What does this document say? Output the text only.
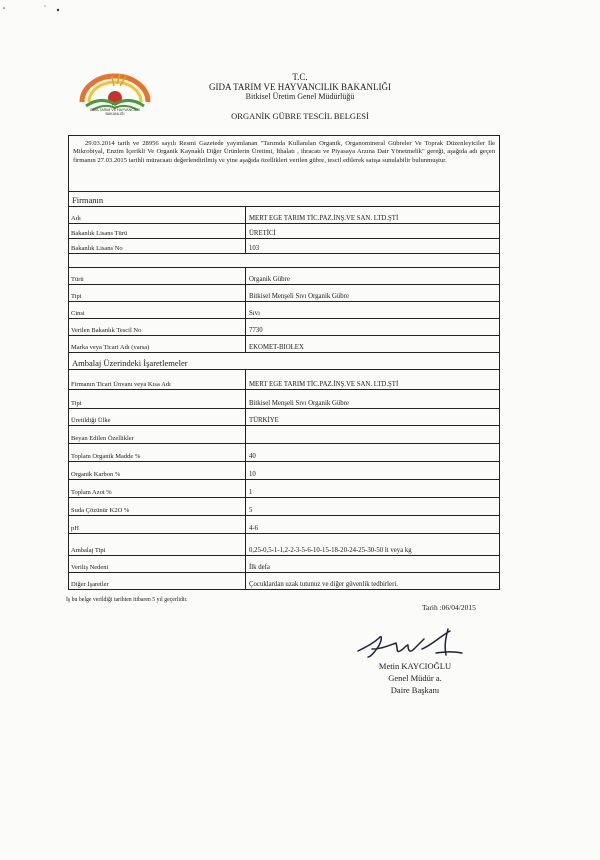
T.C.
GIDA TARIM VE HAYVANCILIK
BAKANLIĞI
T.C.
GIDA TARIM VE HAYVANCILIK BAKANLIĞI
Bitkisel Üretim Genel Müdürlüğü
ORGANİK GÜBRE TESCİL BELGESİ
29.03.2014 tarih ve 28956 sayılı Resmi Gazetede yayımlanan "Tarımda Kullanılan Organik, Organomineral Gübreler Ve Toprak Düzenleyiciler İle Mikrobiyal, Enzim İçerikli Ve Organik Kaynaklı Diğer Ürünlerin Üretimi, İthalatı , ihracatı ve Piyasaya Arzına Dair Yönetmelik" gereği, aşağıda adı geçen firmanın 27.03.2015 tarihli müracaatı değerlendirilmiş ve yine aşağıda özellikleri verilen gübre, tescil edilerek satışa sunulabilir bulunmuştur.
Firmanın
Adı	MERT EGE TARIM TİC.PAZ.İNŞ.VE SAN. LTD.ŞTİ
Bakanlık Lisans Türü	ÜRETİCİ
Bakanlık Lisans No	103
Türü	Organik Gübre
Tipi	Bitkisel Menşeli Sıvı Organik Gübre
Cinsi	Sıvı
Verilen Bakanlık Tescil No	7730
Marka veya Ticari Adı (varsa)	EKOMET-BIOLEX
Ambalaj Üzerindeki İşaretlemeler
Firmanın Ticari Ünvanı veya Kısa Adı	MERT EGE TARIM TİC.PAZ.İNŞ.VE SAN. LTD.ŞTİ
Tipi	Bitkisel Menşeli Sıvı Organik Gübre
Üretildiği Ülke	TÜRKİYE
Beyan Edilen Özellikler
Toplam Organik Madde %	40
Organik Karbon %	10
Toplam Azot %	1
Suda Çözünür K2O %	5
pH	4-6
Ambalaj Tipi	0,25-0,5-1-1,2-2-3-5-6-10-15-18-20-24-25-30-50 lt veya kg
Veriliş Nedeni	İlk defa
Diğer İşaretler	Çocuklardan uzak tutunuz ve diğer güvenlik tedbirleri.
İş bu belge verildiği tarihten itibaren 5 yıl geçerlidir.
Tarih :06/04/2015
Metin KAYCIOĞLU
Genel Müdür a.
Daire Başkanı
